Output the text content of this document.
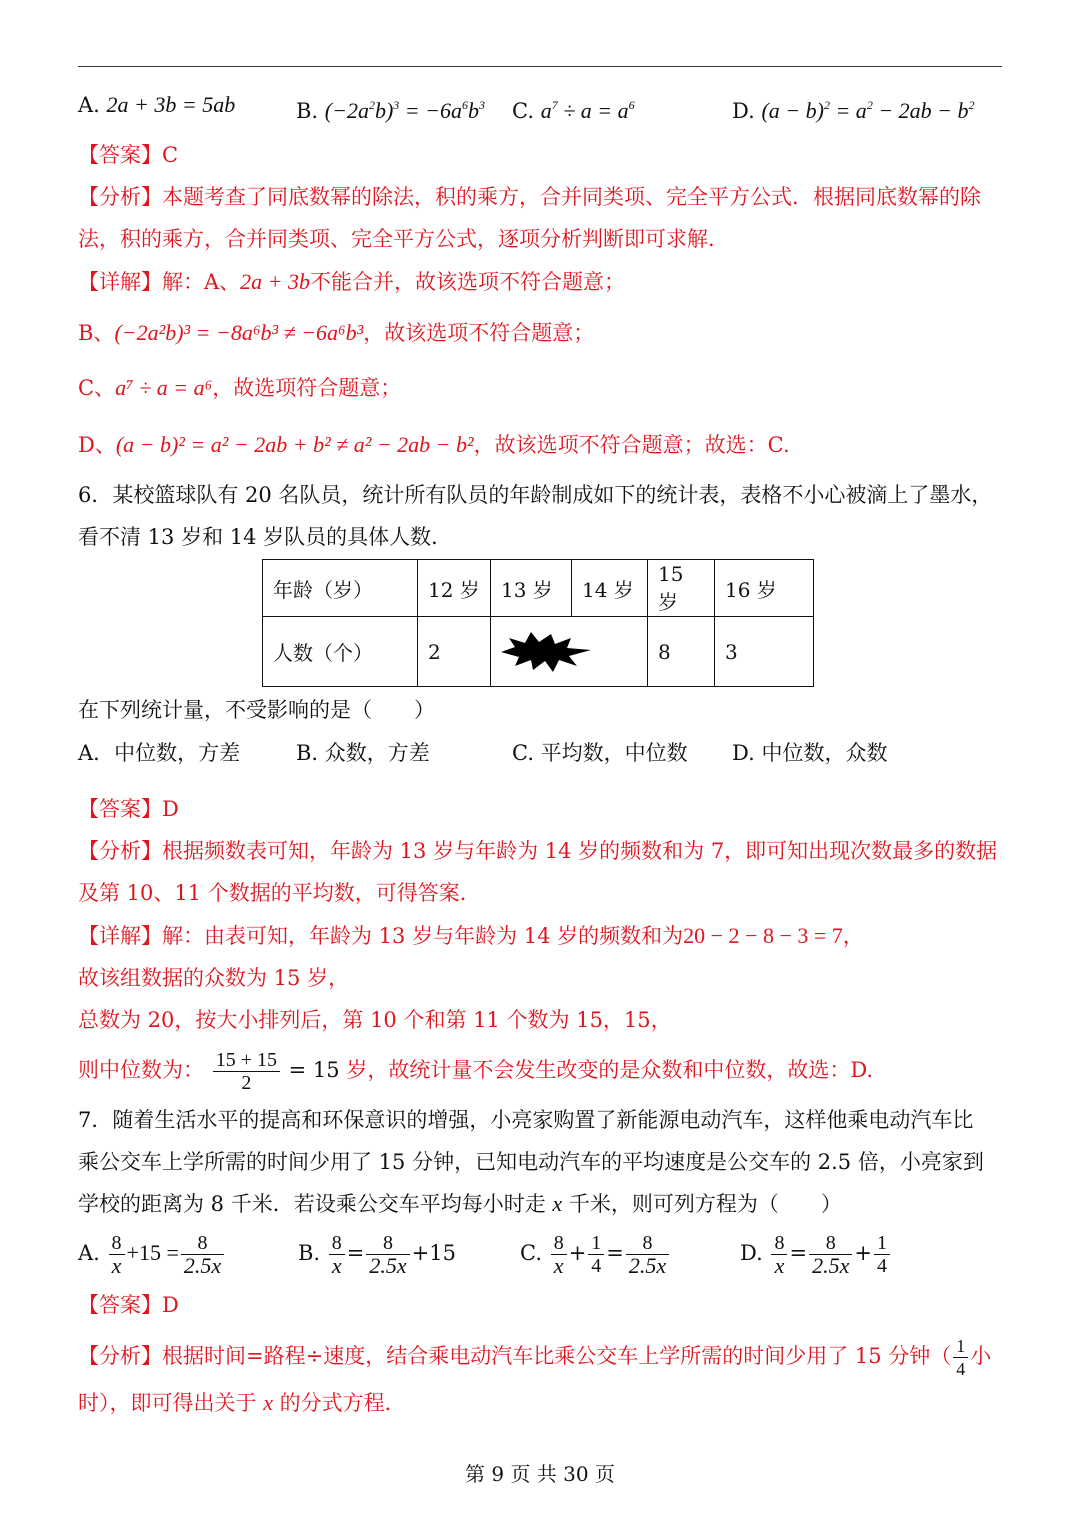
A. 2a + 3b = 5ab	B. $(-2a^2b)^3 = -6a^6b^3$ C. $a^7 \div a = a^6$	D. $(a - b)^2 = a^2 - 2ab - b^2$
【答案】C
【分析】本题考查了同底数幂的除法，积的乘方，合并同类项、完全平方公式．根据同底数幂的除
法，积的乘方，合并同类项、完全平方公式，逐项分析判断即可求解．
【详解】解：A、2a + 3b不能合并，故该选项不符合题意；
B、(−2a²b)³ = −8a⁶b³ ≠ −6a⁶b³，故该选项不符合题意；
C、a⁷ ÷ a = a⁶，故选项符合题意；
D、(a − b)² = a² − 2ab + b² ≠ a² − 2ab − b²，故该选项不符合题意；故选：C.
6．某校篮球队有 20 名队员，统计所有队员的年龄制成如下的统计表，表格不小心被滴上了墨水，
看不清 13 岁和 14 岁队员的具体人数．
年龄（岁）	12 岁	13 岁	14 岁	15 岁	16 岁
人数（个）	2			8	3
在下列统计量，不受影响的是（　　）
A．中位数，方差	B. 众数，方差	C. 平均数，中位数 D. 中位数，众数
【答案】D
【分析】根据频数表可知，年龄为 13 岁与年龄为 14 岁的频数和为 7，即可知出现次数最多的数据
及第 10、11 个数据的平均数，可得答案．
【详解】解：由表可知，年龄为 13 岁与年龄为 14 岁的频数和为20 − 2 − 8 − 3 = 7，
故该组数据的众数为 15 岁，
总数为 20，按大小排列后，第 10 个和第 11 个数为 15，15，
则中位数为： $\frac{15 + 15}{2} = 15$ 岁，故统计量不会发生改变的是众数和中位数，故选：D.
7．随着生活水平的提高和环保意识的增强，小亮家购置了新能源电动汽车，这样他乘电动汽车比
乘公交车上学所需的时间少用了 15 分钟，已知电动汽车的平均速度是公交车的 2.5 倍，小亮家到
学校的距离为 8 千米．若设乘公交车平均每小时走 x 千米，则可列方程为（　　）
A. $\frac{8}{x} +15 = \frac{8}{2.5x}$	B. $\frac{8}{x} = \frac{8}{2.5x} +15$	C. $\frac{8}{x} + \frac{1}{4} = \frac{8}{2.5x}$	D. $\frac{8}{x} = \frac{8}{2.5x} + \frac{1}{4}$
【答案】D
【分析】根据时间=路程÷速度，结合乘电动汽车比乘公交车上学所需的时间少用了 15 分钟（ $\frac{1}{4}$ 小
时），即可得出关于 x 的分式方程．
第 9 页 共 30 页
